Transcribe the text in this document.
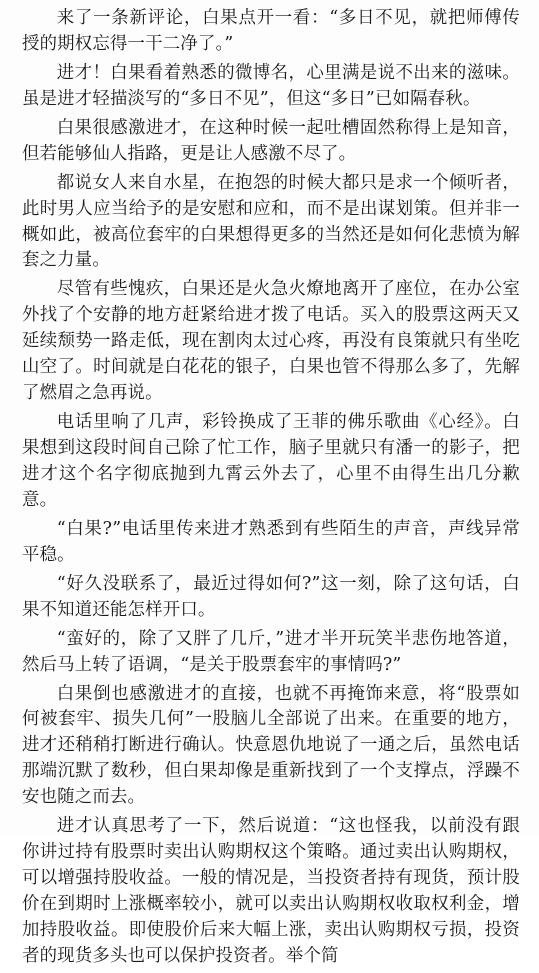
来了一条新评论，白果点开一看：“多日不见，就把师傅传授的期权忘得一干二净了。”

进才！白果看着熟悉的微博名，心里满是说不出来的滋味。虽是进才轻描淡写的“多日不见”，但这“多日”已如隔春秋。

白果很感激进才，在这种时候一起吐槽固然称得上是知音，但若能够仙人指路，更是让人感激不尽了。

都说女人来自水星，在抱怨的时候大都只是求一个倾听者，此时男人应当给予的是安慰和应和，而不是出谋划策。但并非一概如此，被高位套牢的白果想得更多的当然还是如何化悲愤为解套之力量。

尽管有些愧疚，白果还是火急火燎地离开了座位，在办公室外找了个安静的地方赶紧给进才拨了电话。买入的股票这两天又延续颓势一路走低，现在割肉太过心疼，再没有良策就只有坐吃山空了。时间就是白花花的银子，白果也管不得那么多了，先解了燃眉之急再说。

电话里响了几声，彩铃换成了王菲的佛乐歌曲《心经》。白果想到这段时间自己除了忙工作，脑子里就只有潘一的影子，把进才这个名字彻底抛到九霄云外去了，心里不由得生出几分歉意。

“白果?”电话里传来进才熟悉到有些陌生的声音，声线异常平稳。

“好久没联系了，最近过得如何?”这一刻，除了这句话，白果不知道还能怎样开口。

“蛮好的，除了又胖了几斤，”进才半开玩笑半悲伤地答道，然后马上转了语调，“是关于股票套牢的事情吗?”

白果倒也感激进才的直接，也就不再掩饰来意，将“股票如何被套牢、损失几何”一股脑儿全部说了出来。在重要的地方，进才还稍稍打断进行确认。快意恩仇地说了一通之后，虽然电话那端沉默了数秒，但白果却像是重新找到了一个支撑点，浮躁不安也随之而去。

进才认真思考了一下，然后说道：“这也怪我，以前没有跟你讲过持有股票时卖出认购期权这个策略。通过卖出认购期权，可以增强持股收益。一般的情况是，当投资者持有现货，预计股价在到期时上涨概率较小，就可以卖出认购期权收取权利金，增加持股收益。即使股价后来大幅上涨，卖出认购期权亏损，投资者的现货多头也可以保护投资者。举个简
